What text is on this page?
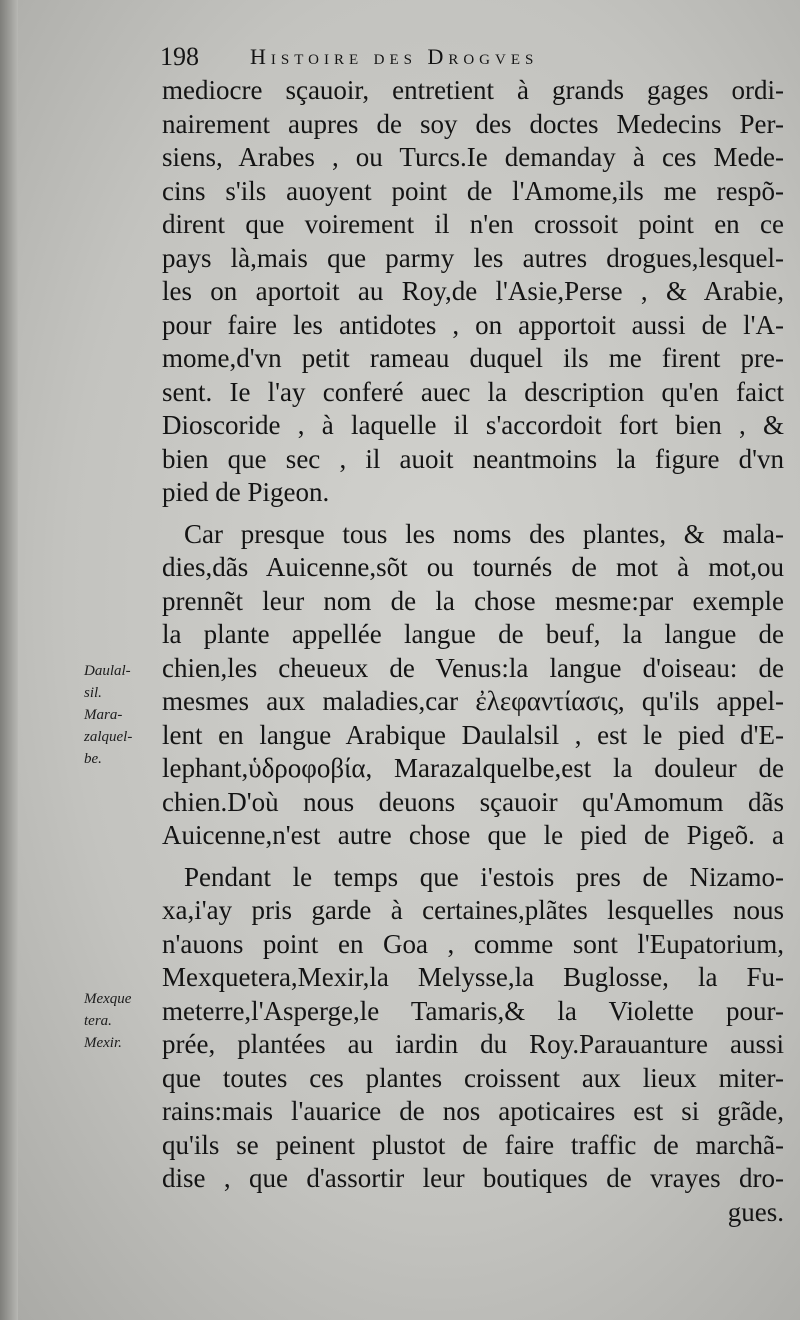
198 Histoire des Drogves
mediocre sçauoir, entretient à grands gages ordi-
nairement aupres de soy des doctes Medecins Per-
siens, Arabes , ou Turcs.Ie demanday à ces Mede-
cins s'ils auoyent point de l'Amome,ils me respõ-
dirent que voirement il n'en crossoit point en ce
pays là,mais que parmy les autres drogues,lesquel-
les on aportoit au Roy,de l'Asie,Perse , & Arabie,
pour faire les antidotes , on apportoit aussi de l'A-
mome,d'vn petit rameau duquel ils me firent pre-
sent. Ie l'ay conferé auec la description qu'en faict
Dioscoride , à laquelle il s'accordoit fort bien , &
bien que sec , il auoit neantmoins la figure d'vn
pied de Pigeon.
Car presque tous les noms des plantes, & mala-
dies,dãs Auicenne,sõt ou tournés de mot à mot,ou
prennẽt leur nom de la chose mesme:par exemple
la plante appellée langue de beuf, la langue de
chien,les cheueux de Venus:la langue d'oiseau: de
mesmes aux maladies,car ἐλεφαντίασις, qu'ils appel-
lent en langue Arabique Daulalsil , est le pied d'E-
lephant,ὑδροφοβία, Marazalquelbe,est la douleur de
chien.D'où nous deuons sçauoir qu'Amomum dãs
Auicenne,n'est autre chose que le pied de Pigeõ. a
Pendant le temps que i'estois pres de Nizamo-
xa,i'ay pris garde à certaines,plãtes lesquelles nous
n'auons point en Goa , comme sont l'Eupatorium,
Mexquetera,Mexir,la Melysse,la Buglosse, la Fu-
meterre,l'Asperge,le Tamaris,& la Violette pour-
prée, plantées au iardin du Roy.Parauanture aussi
que toutes ces plantes croissent aux lieux miter-
rains:mais l'auarice de nos apoticaires est si grãde,
qu'ils se peinent plustot de faire traffic de marchã-
dise , que d'assortir leur boutiques de vrayes dro-
gues.
Daulal-
sil.
Mara-
zalquel-
be.
Mexque
tera.
Mexir.
